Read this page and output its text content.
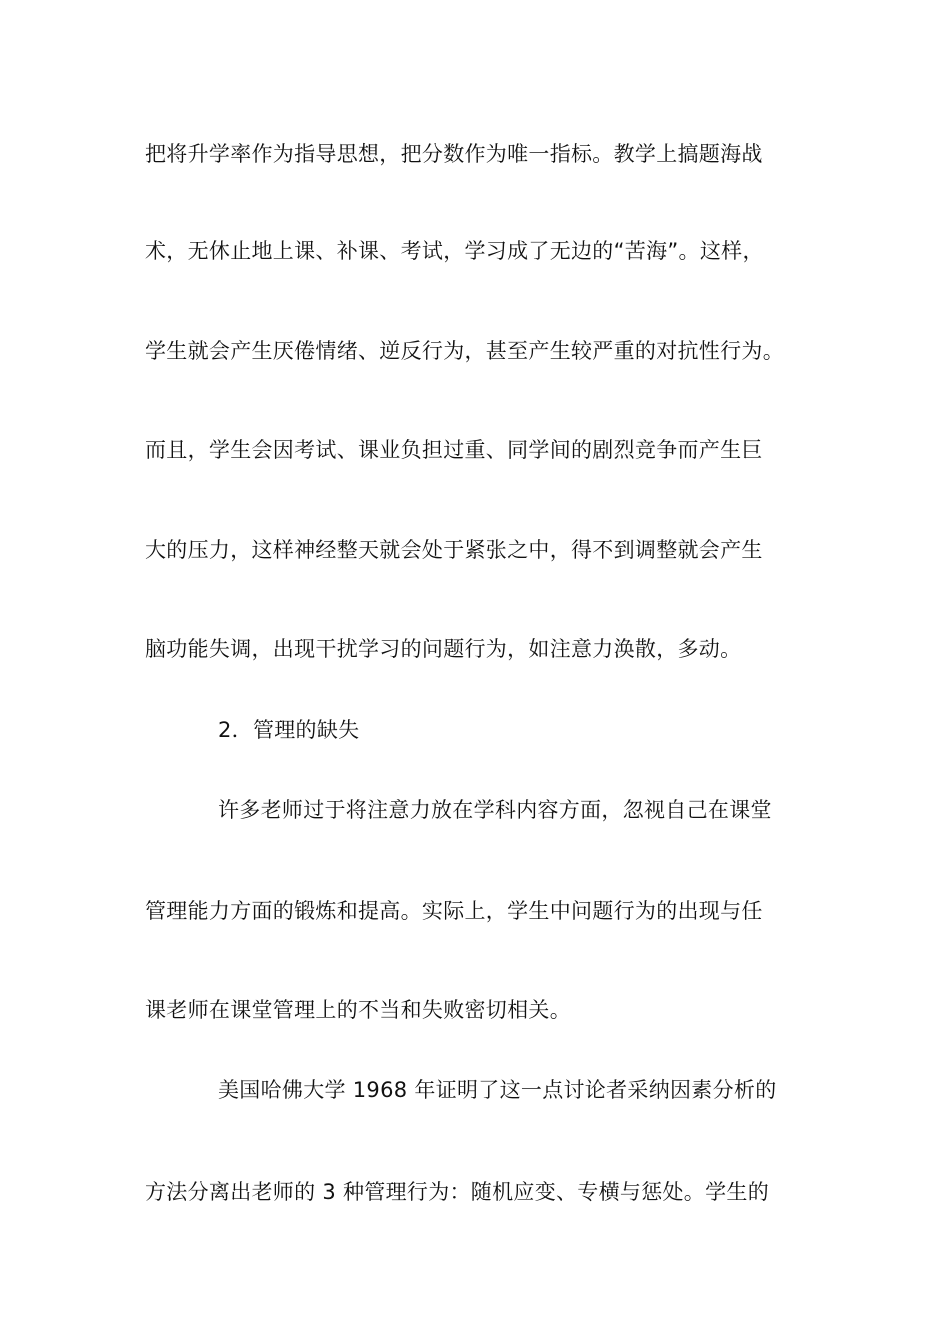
把将升学率作为指导思想，把分数作为唯一指标。教学上搞题海战
术，无休止地上课、补课、考试，学习成了无边的“苦海”。这样，
学生就会产生厌倦情绪、逆反行为，甚至产生较严重的对抗性行为。
而且，学生会因考试、课业负担过重、同学间的剧烈竞争而产生巨
大的压力，这样神经整天就会处于紧张之中，得不到调整就会产生
脑功能失调，出现干扰学习的问题行为，如注意力涣散，多动。
2．管理的缺失
许多老师过于将注意力放在学科内容方面，忽视自己在课堂
管理能力方面的锻炼和提高。实际上，学生中问题行为的出现与任
课老师在课堂管理上的不当和失败密切相关。
美国哈佛大学 1968 年证明了这一点讨论者采纳因素分析的
方法分离出老师的 3 种管理行为：随机应变、专横与惩处。学生的
